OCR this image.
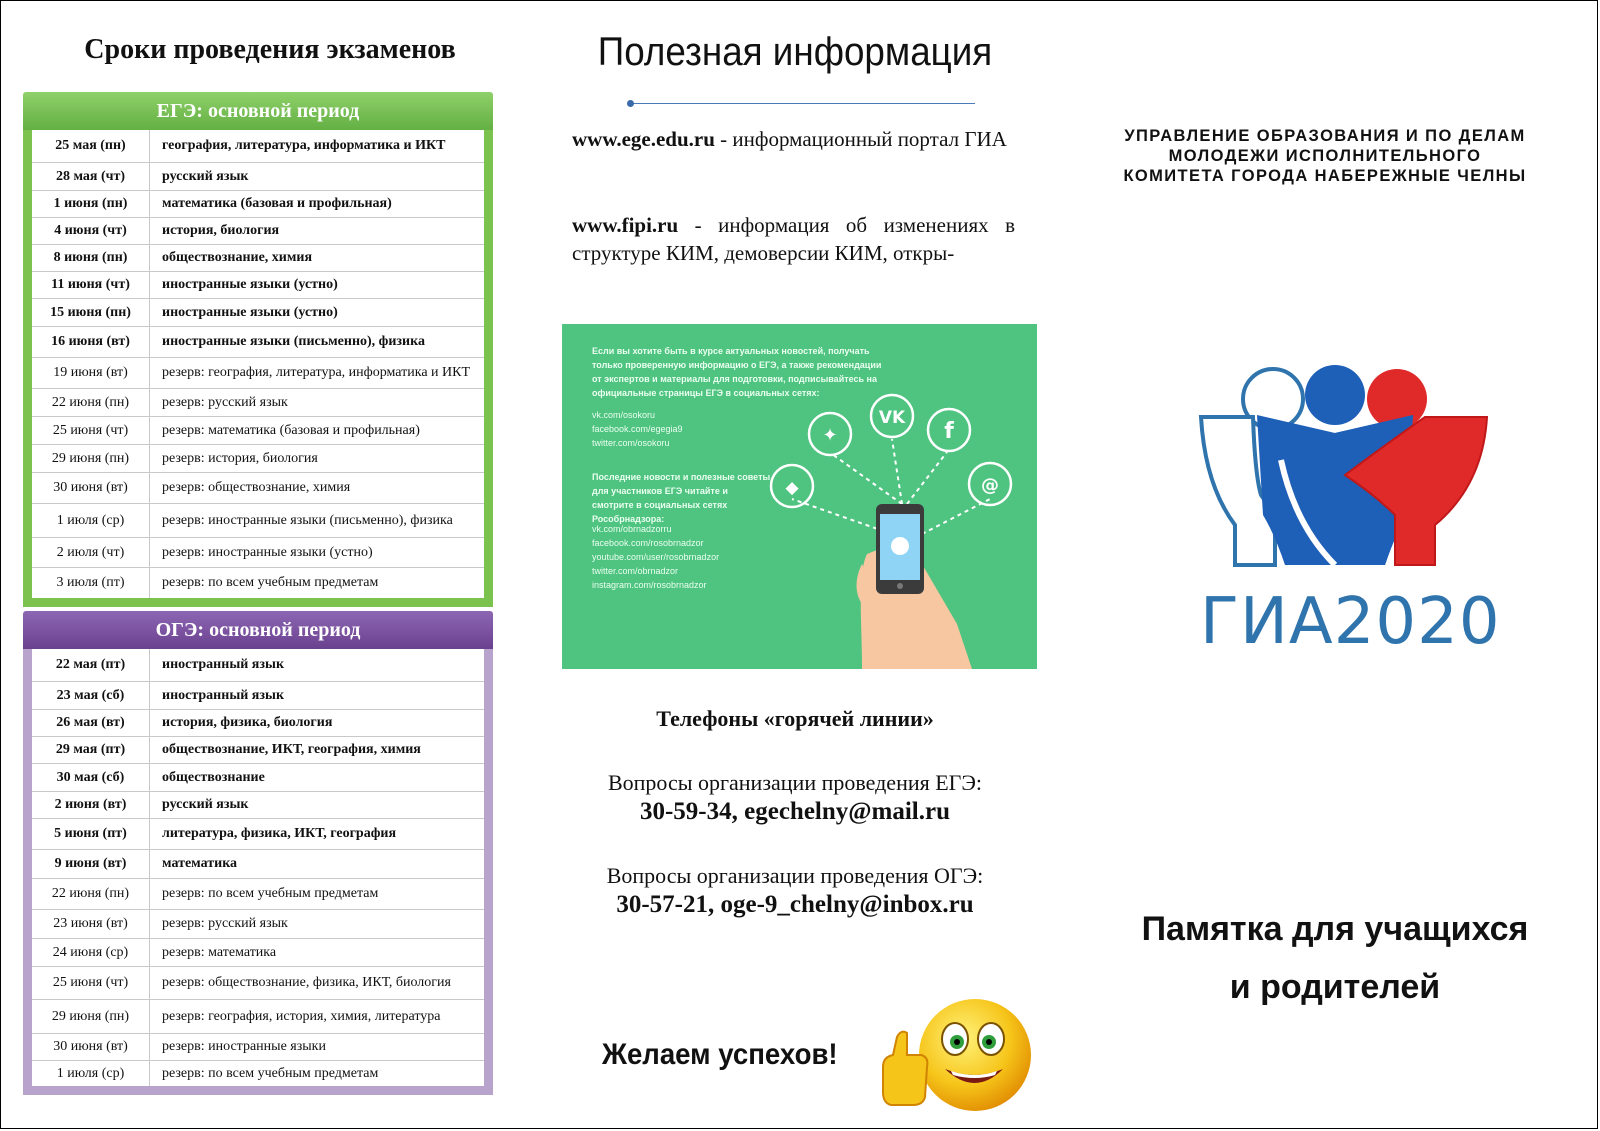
Сроки проведения экзаменов
ЕГЭ: основной период
25 мая (пн)	география, литература, информатика и ИКТ
28 мая (чт)	русский язык
1 июня (пн)	математика (базовая и профильная)
4 июня (чт)	история, биология
8 июня (пн)	обществознание, химия
11 июня (чт)	иностранные языки (устно)
15 июня (пн)	иностранные языки (устно)
16 июня (вт)	иностранные языки (письменно), физика
19 июня (вт)	резерв: география, литература, информатика и ИКТ
22 июня (пн)	резерв: русский язык
25 июня (чт)	резерв: математика (базовая и профильная)
29 июня (пн)	резерв: история, биология
30 июня (вт)	резерв: обществознание, химия
1 июля (ср)	резерв: иностранные языки (письменно), физика
2 июля (чт)	резерв: иностранные языки (устно)
3 июля (пт)	резерв: по всем учебным предметам
ОГЭ: основной период
22 мая (пт)	иностранный язык
23 мая (сб)	иностранный язык
26 мая (вт)	история, физика, биология
29 мая (пт)	обществознание, ИКТ, география, химия
30 мая (сб)	обществознание
2 июня (вт)	русский язык
5 июня (пт)	литература, физика, ИКТ, география
9 июня (вт)	математика
22 июня (пн)	резерв: по всем учебным предметам
23 июня (вт)	резерв: русский язык
24 июня (ср)	резерв: математика
25 июня (чт)	резерв: обществознание, физика, ИКТ, биология
29 июня (пн)	резерв: география, история, химия, литература
30 июня (вт)	резерв: иностранные языки
1 июля (ср)	резерв: по всем учебным предметам
Полезная информация
www.ege.edu.ru - информационный портал ГИА
www.fipi.ru - информация об изменениях в структуре КИМ, демоверсии КИМ, откры-
Если вы хотите быть в курсе актуальных новостей, получать только проверенную информацию о ЕГЭ, а также рекомендации от экспертов и материалы для подготовки, подписывайтесь на официальные страницы ЕГЭ в социальных сетях:
vk.com/osokoru
facebook.com/egegia9
twitter.com/osokoru
Последние новости и полезные советы для участников ЕГЭ читайте и смотрите в социальных сетях Рособрнадзора:
vk.com/obrnadzorru
facebook.com/rosobrnadzor
youtube.com/user/rosobrnadzor
twitter.com/obrnadzor
instagram.com/rosobrnadzor
✦
VK
f
◆	@
Телефоны «горячей линии»
Вопросы организации проведения ЕГЭ:
30-59-34, egechelny@mail.ru
Вопросы организации проведения ОГЭ:
30-57-21, oge-9_chelny@inbox.ru
Желаем успехов!
УПРАВЛЕНИЕ ОБРАЗОВАНИЯ И ПО ДЕЛАМ МОЛОДЕЖИ ИСПОЛНИТЕЛЬНОГО КОМИТЕТА ГОРОДА НАБЕРЕЖНЫЕ ЧЕЛНЫ
ГИА2020
Памятка для учащихся
и родителей
